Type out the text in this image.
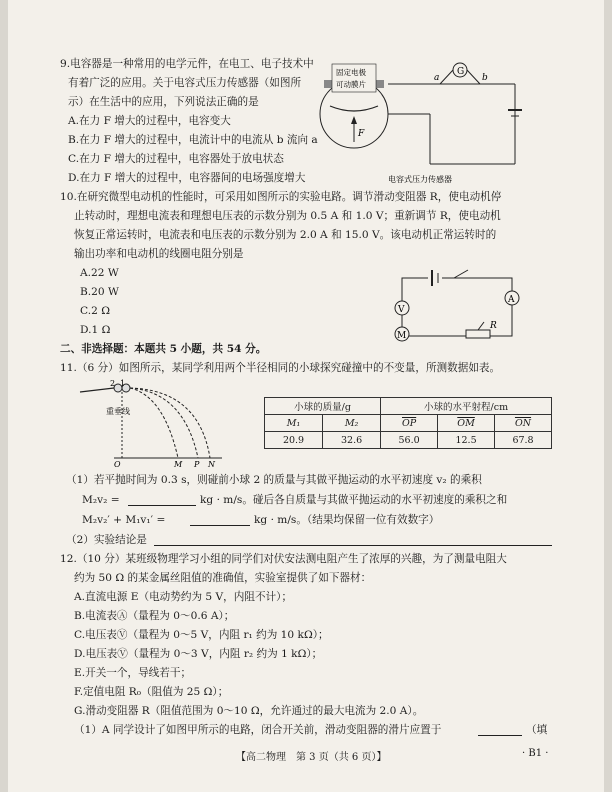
9.电容器是一种常用的电学元件，在电工、电子技术中
有着广泛的应用。关于电容式压力传感器（如图所
示）在生活中的应用，下列说法正确的是
A.在力 F 增大的过程中，电容变大
B.在力 F 增大的过程中，电流计中的电流从 b 流向 a
C.在力 F 增大的过程中，电容器处于放电状态
D.在力 F 增大的过程中，电容器间的电场强度增大
G
a	b
F
固定电极
可动膜片
电容式压力传感器
10.在研究微型电动机的性能时，可采用如图所示的实验电路。调节滑动变阻器 R，使电动机停
止转动时，理想电流表和理想电压表的示数分别为 0.5 A 和 1.0 V；重新调节 R，使电动机
恢复正常运转时，电流表和电压表的示数分别为 2.0 A 和 15.0 V。该电动机正常运转时的
输出功率和电动机的线圈电阻分别是
A.22 W
B.20 W
C.2 Ω
D.1 Ω
A
V
M
R
二、非选择题：本题共 5 小题，共 54 分。
11.（6 分）如图所示，某同学利用两个半径相同的小球探究碰撞中的不变量，所测数据如表。
2 1
重垂线
O	M P N
小球的质量/g		小球的水平射程/cm		
M₁	M₂	$\overline{OP}$	$\overline{OM}$	$\overline{ON}$
20.9	32.6	56.0	12.5	67.8
（1）若平抛时间为 0.3 s，则碰前小球 2 的质量与其做平抛运动的水平初速度 v₂ 的乘积
M₂v₂ =	kg · m/s。碰后各自质量与其做平抛运动的水平初速度的乘积之和
M₂v₂′ + M₁v₁′ =	kg · m/s。（结果均保留一位有效数字）
（2）实验结论是
12.（10 分）某班级物理学习小组的同学们对伏安法测电阻产生了浓厚的兴趣，为了测量电阻大
约为 50 Ω 的某金属丝阻值的准确值，实验室提供了如下器材：
A.直流电源 E（电动势约为 5 V，内阻不计）；
B.电流表Ⓐ（量程为 0～0.6 A）；
C.电压表Ⓥ（量程为 0～5 V，内阻 r₁ 约为 10 kΩ）；
D.电压表Ⓥ（量程为 0～3 V，内阻 r₂ 约为 1 kΩ）；
E.开关一个，导线若干；
F.定值电阻 R₀（阻值为 25 Ω）；
G.滑动变阻器 R（阻值范围为 0～10 Ω，允许通过的最大电流为 2.0 A）。
（1）A 同学设计了如图甲所示的电路，闭合开关前，滑动变阻器的滑片应置于	（填
【高二物理　第 3 页（共 6 页）】	· B1 ·
